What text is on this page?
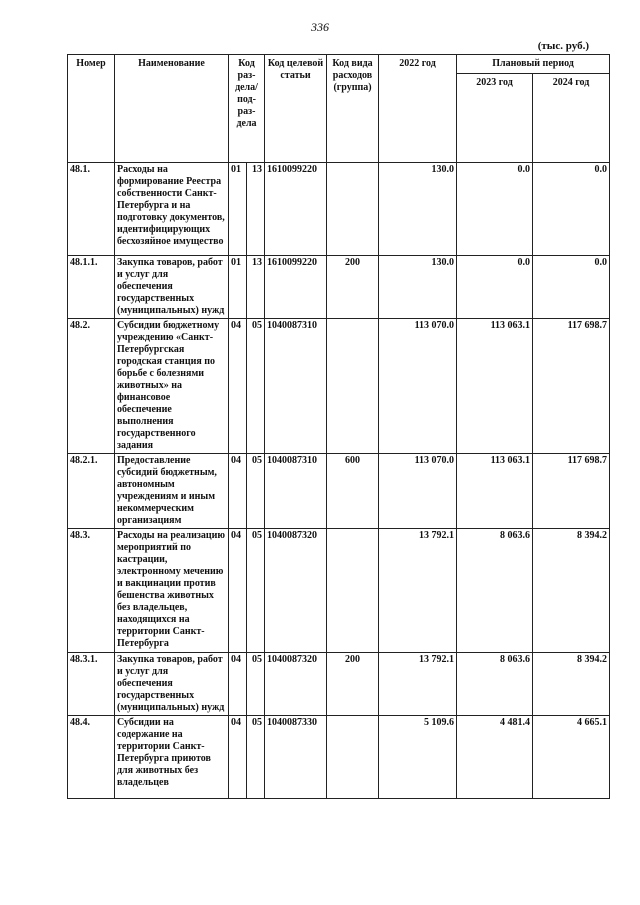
336
(тыс. руб.)
Номер	Наименование	Код раз-дела/ под-раз-дела		Код целевой статьи	Код вида расходов (группа)	2022 год	Плановый период	
							2023 год	2024 год
48.1.	Расходы на формирование Реестра собственности Санкт-Петербурга и на подготовку документов, идентифицирующих бесхозяйное имущество	01	13	1610099220		130.0	0.0	0.0
48.1.1.	Закупка товаров, работ и услуг для обеспечения государственных (муниципальных) нужд	01	13	1610099220	200	130.0	0.0	0.0
48.2.	Субсидии бюджетному учреждению «Санкт-Петербургская городская станция по борьбе с болезнями животных» на финансовое обеспечение выполнения государственного задания	04	05	1040087310		113 070.0	113 063.1	117 698.7
48.2.1.	Предоставление субсидий бюджетным, автономным учреждениям и иным некоммерческим организациям	04	05	1040087310	600	113 070.0	113 063.1	117 698.7
48.3.	Расходы на реализацию мероприятий по кастрации, электронному мечению и вакцинации против бешенства животных без владельцев, находящихся на территории Санкт-Петербурга	04	05	1040087320		13 792.1	8 063.6	8 394.2
48.3.1.	Закупка товаров, работ и услуг для обеспечения государственных (муниципальных) нужд	04	05	1040087320	200	13 792.1	8 063.6	8 394.2
48.4.	Субсидии на содержание на территории Санкт-Петербурга приютов для животных без владельцев	04	05	1040087330		5 109.6	4 481.4	4 665.1
